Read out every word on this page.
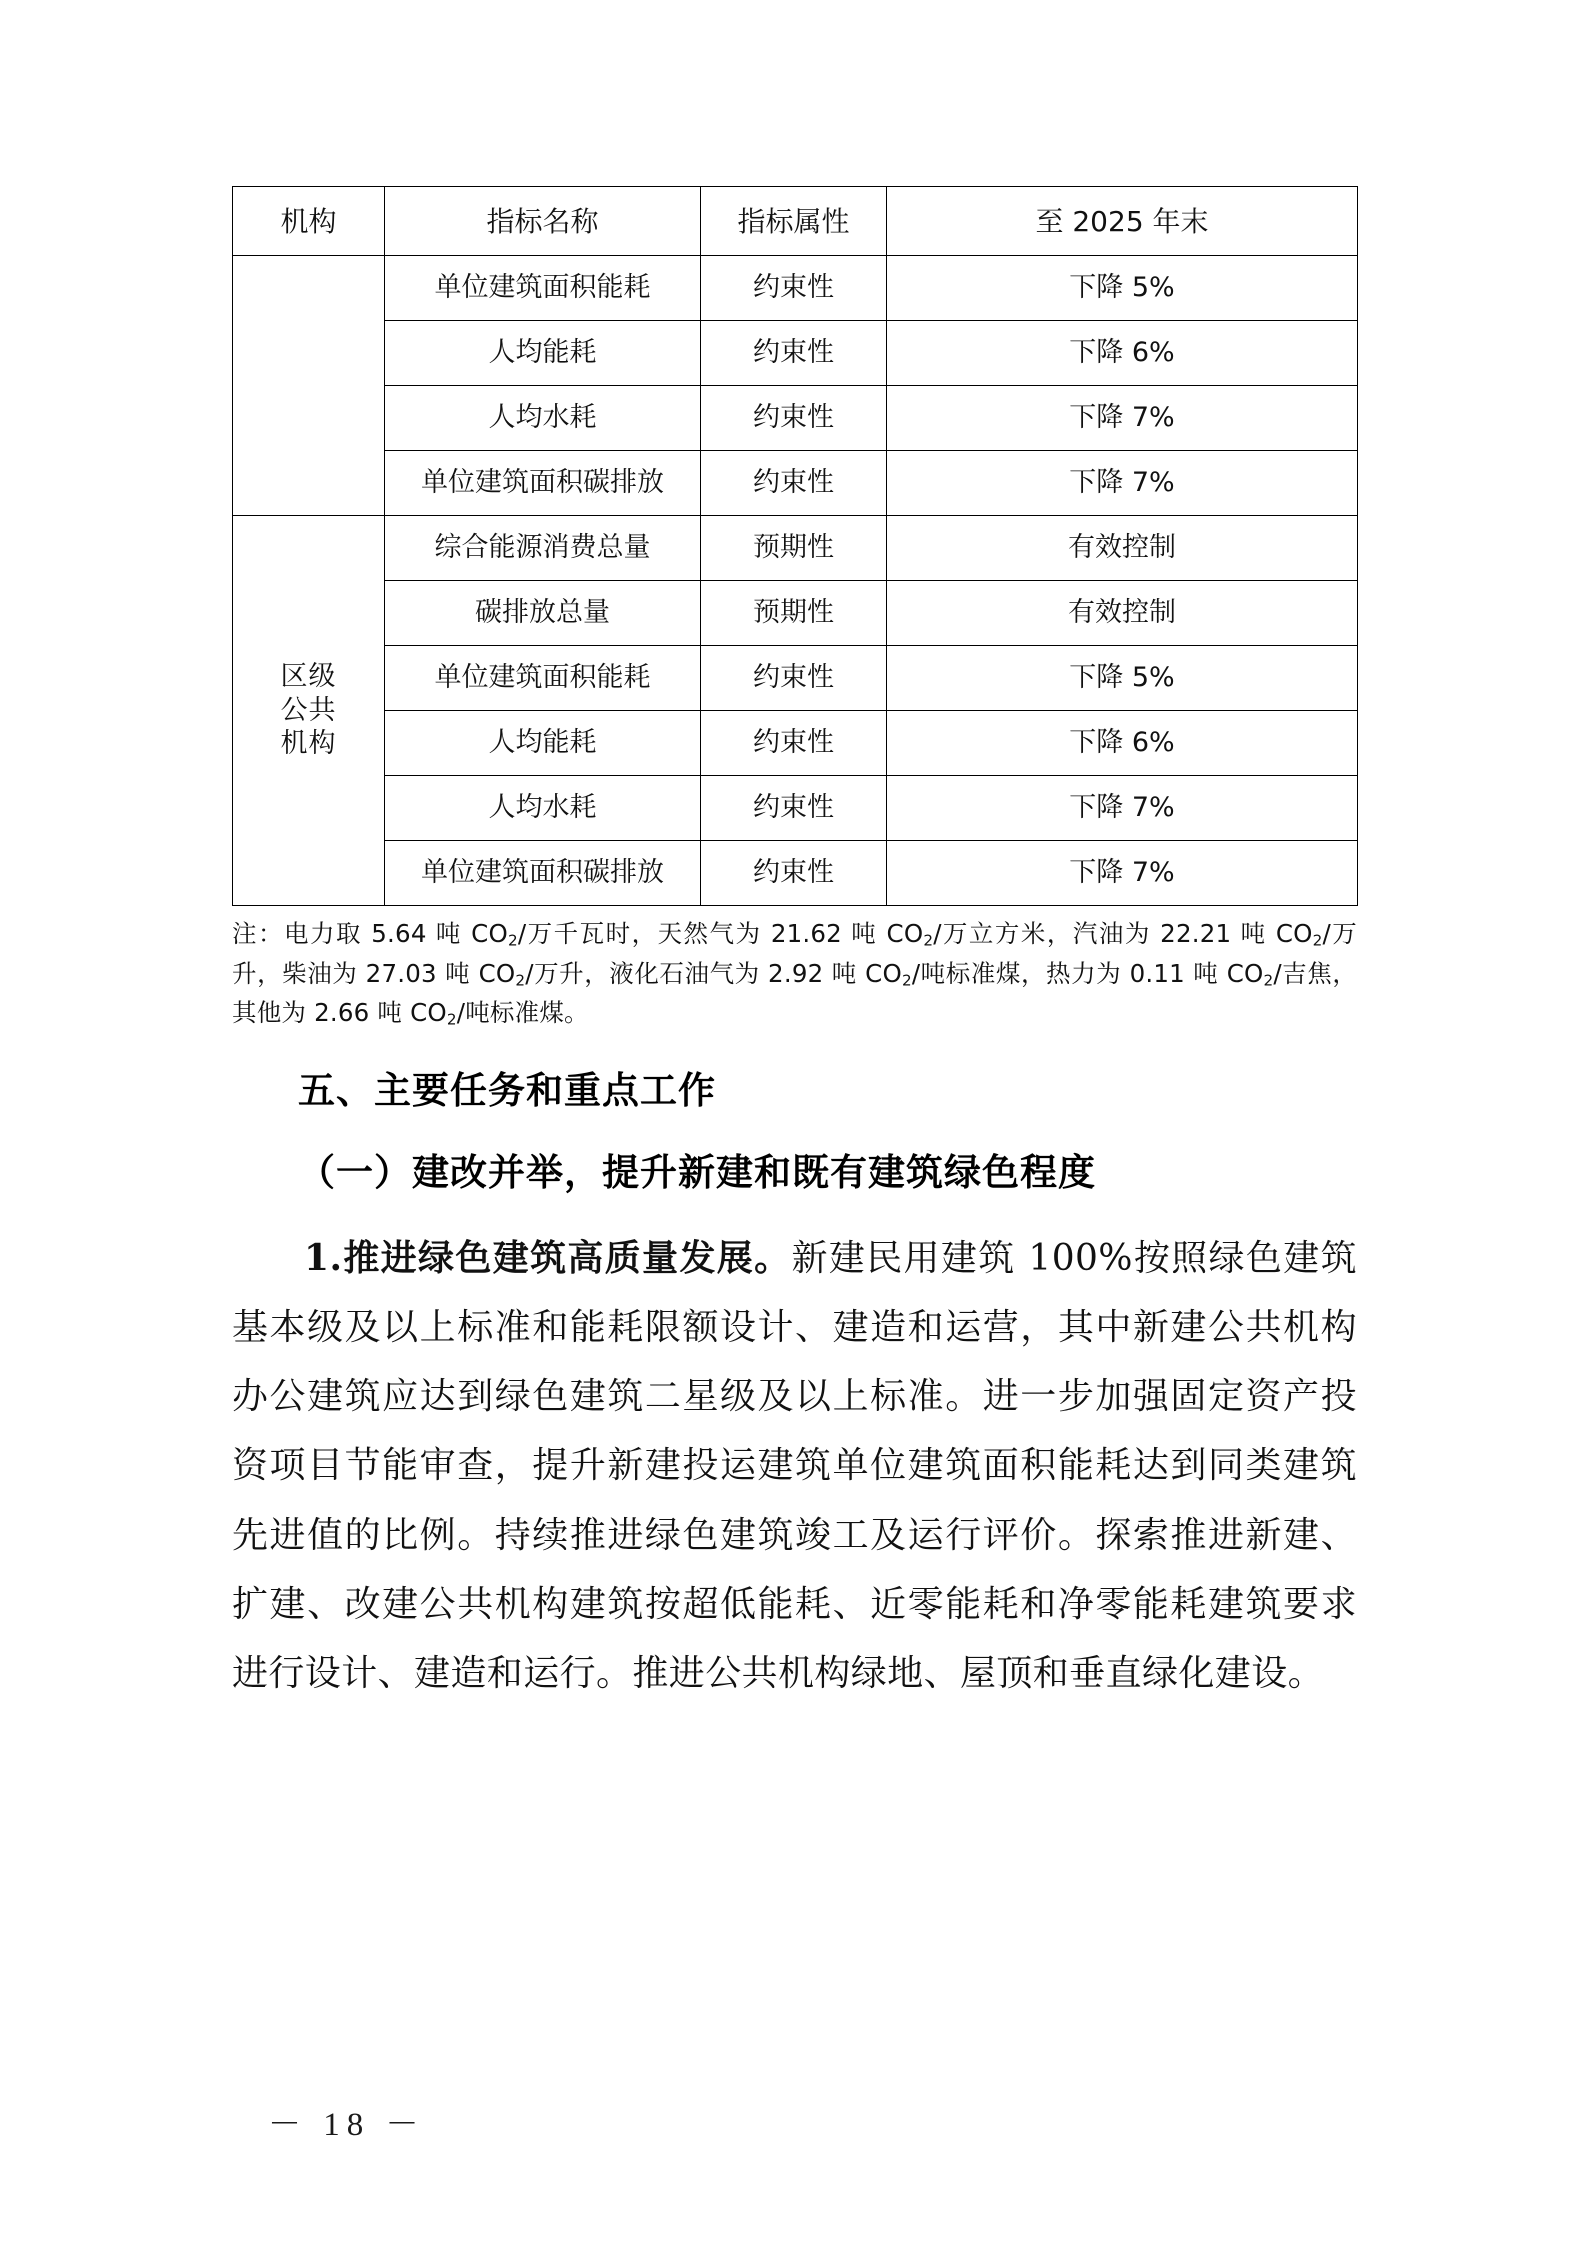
机构	指标名称	指标属性	至 2025 年末
	单位建筑面积能耗	约束性	下降 5%
	人均能耗	约束性	下降 6%
	人均水耗	约束性	下降 7%
	单位建筑面积碳排放	约束性	下降 7%

区级
公共
机构	综合能源消费总量	预期性	有效控制
	碳排放总量	预期性	有效控制
	单位建筑面积能耗	约束性	下降 5%
	人均能耗	约束性	下降 6%
	人均水耗	约束性	下降 7%
	单位建筑面积碳排放	约束性	下降 7%
注：电力取 5.64 吨 $CO_2/$万千瓦时，天然气为 21.62 吨 $CO_2/$万立方米，汽油为 22.21 吨 $CO_2/$万升，柴油为 27.03 吨 $CO_2/$万升，液化石油气为 2.92 吨 $CO_2/$吨标准煤，热力为 0.11 吨 $CO_2/$吉焦，其他为 2.66 吨 $CO_2/$吨标准煤。
五、主要任务和重点工作
（一）建改并举，提升新建和既有建筑绿色程度

1.推进绿色建筑高质量发展。新建民用建筑 100%按照绿色建筑基本级及以上标准和能耗限额设计、建造和运营，其中新建公共机构办公建筑应达到绿色建筑二星级及以上标准。进一步加强固定资产投资项目节能审查，提升新建投运建筑单位建筑面积能耗达到同类建筑先进值的比例。持续推进绿色建筑竣工及运行评价。探索推进新建、扩建、改建公共机构建筑按超低能耗、近零能耗和净零能耗建筑要求进行设计、建造和运行。推进公共机构绿地、屋顶和垂直绿化建设。

－ 18 －
